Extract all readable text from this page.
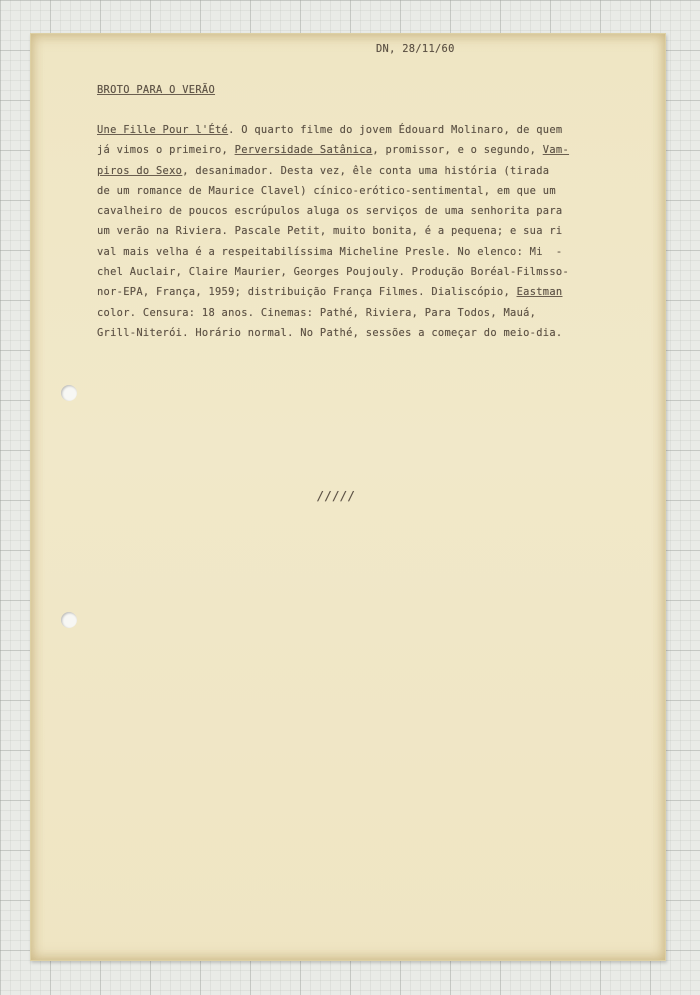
DN, 28/11/60

BROTO PARA O VERÃO

Une Fille Pour l'Été. O quarto filme do jovem Édouard Molinaro, de quem
já vimos o primeiro, Perversidade Satânica, promissor, e o segundo, Vam-
piros do Sexo, desanimador. Desta vez, êle conta uma história (tirada
de um romance de Maurice Clavel) cínico-erótico-sentimental, em que um
cavalheiro de poucos escrúpulos aluga os serviços de uma senhorita para
um verão na Riviera. Pascale Petit, muito bonita, é a pequena; e sua ri
val mais velha é a respeitabilíssima Micheline Presle. No elenco: Mi  -
chel Auclair, Claire Maurier, Georges Poujouly. Produção Boréal-Filmsso-
nor-EPA, França, 1959; distribuição França Filmes. Dialiscópio, Eastman
color. Censura: 18 anos. Cinemas: Pathé, Riviera, Para Todos, Mauá,
Grill-Niterói. Horário normal. No Pathé, sessões a começar do meio-dia.

/////
